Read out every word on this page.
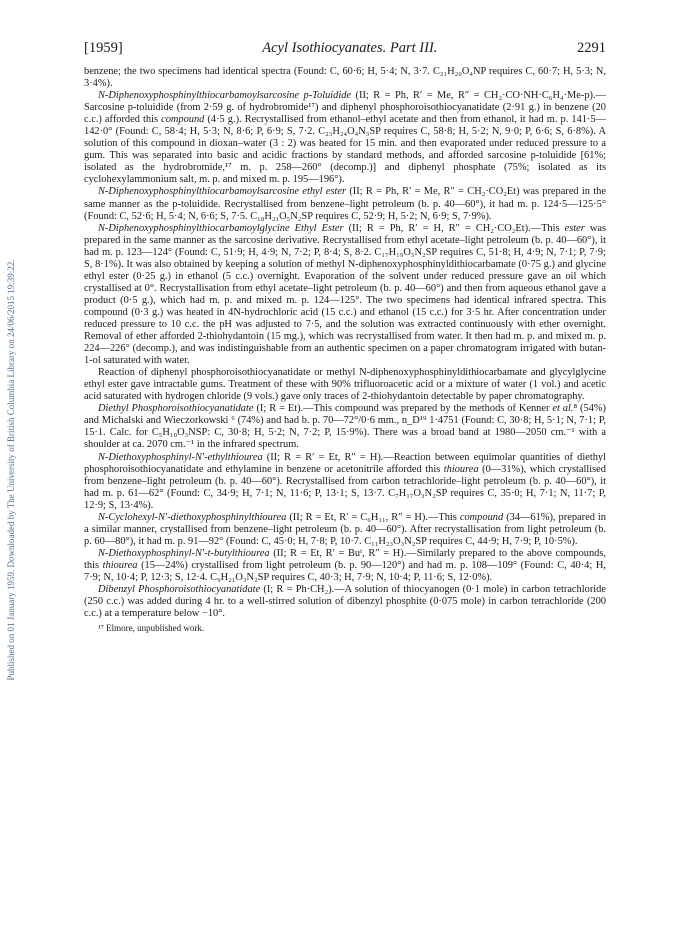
Published on 01 January 1959. Downloaded by The University of British Columbia Library on 24/06/2015 19:39:22.
[1959]	Acyl Isothiocyanates. Part III.	2291

benzene; the two specimens had identical spectra (Found: C, 60·6; H, 5·4; N, 3·7. C₂₁H₂₀O₄NP requires C, 60·7; H, 5·3; N, 3·4%).

N-Diphenoxyphosphinylthiocarbamoylsarcosine p-Toluidide (II; R = Ph, R′ = Me, R″ = CH₂·CO·NH·C₆H₄·Me-p).—Sarcosine p-toluidide (from 2·59 g. of hydrobromide¹⁷) and diphenyl phosphoroisothiocyanatidate (2·91 g.) in benzene (20 c.c.) afforded this compound (4·5 g.). Recrystallised from ethanol–ethyl acetate and then from ethanol, it had m. p. 141·5—142·0° (Found: C, 58·4; H, 5·3; N, 8·6; P, 6·9; S, 7·2. C₂₃H₂₄O₄N₃SP requires C, 58·8; H, 5·2; N, 9·0; P, 6·6; S, 6·8%). A solution of this compound in dioxan–water (3 : 2) was heated for 15 min. and then evaporated under reduced pressure to a gum. This was separated into basic and acidic fractions by standard methods, and afforded sarcosine p-toluidide [61%; isolated as the hydrobromide,¹⁷ m. p. 258—260° (decomp.)] and diphenyl phosphate (75%; isolated as its cyclohexylammonium salt, m. p. and mixed m. p. 195—196°).

N-Diphenoxyphosphinylthiocarbamoylsarcosine ethyl ester (II; R = Ph, R′ = Me, R″ = CH₂·CO₂Et) was prepared in the same manner as the p-toluidide. Recrystallised from benzene–light petroleum (b. p. 40—60°), it had m. p. 124·5—125·5° (Found: C, 52·6; H, 5·4; N, 6·6; S, 7·5. C₁₈H₂₁O₅N₂SP requires C, 52·9; H, 5·2; N, 6·9; S, 7·9%).

N-Diphenoxyphosphinylthiocarbamoylglycine Ethyl Ester (II; R = Ph, R′ = H, R″ = CH₂·CO₂Et).—This ester was prepared in the same manner as the sarcosine derivative. Recrystallised from ethyl acetate–light petroleum (b. p. 40—60°), it had m. p. 123—124° (Found: C, 51·9; H, 4·9; N, 7·2; P, 8·4; S, 8·2. C₁₇H₁₉O₅N₂SP requires C, 51·8; H, 4·9; N, 7·1; P, 7·9; S, 8·1%). It was also obtained by keeping a solution of methyl N-diphenoxyphosphinyldithiocarbamate (0·75 g.) and glycine ethyl ester (0·25 g.) in ethanol (5 c.c.) overnight. Evaporation of the solvent under reduced pressure gave an oil which crystallised at 0°. Recrystallisation from ethyl acetate–light petroleum (b. p. 40—60°) and then from aqueous ethanol gave a product (0·5 g.), which had m. p. and mixed m. p. 124—125°. The two specimens had identical infrared spectra. This compound (0·3 g.) was heated in 4N-hydrochloric acid (15 c.c.) and ethanol (15 c.c.) for 3·5 hr. After concentration under reduced pressure to 10 c.c. the pH was adjusted to 7·5, and the solution was extracted continuously with ether overnight. Removal of ether afforded 2-thiohydantoin (15 mg.), which was recrystallised from water. It then had m. p. and mixed m. p. 224—226° (decomp.), and was indistinguishable from an authentic specimen on a paper chromatogram irrigated with butan-1-ol saturated with water.

Reaction of diphenyl phosphoroisothiocyanatidate or methyl N-diphenoxyphosphinyldithiocarbamate and glycylglycine ethyl ester gave intractable gums. Treatment of these with 90% trifluoroacetic acid or a mixture of water (1 vol.) and acetic acid saturated with hydrogen chloride (9 vols.) gave only traces of 2-thiohydantoin detectable by paper chromatography.

Diethyl Phosphoroisothiocyanatidate (I; R = Et).—This compound was prepared by the methods of Kenner et al.⁸ (54%) and Michalski and Wieczorkowski ⁶ (74%) and had b. p. 70—72°/0·6 mm., n_D¹⁹ 1·4751 (Found: C, 30·8; H, 5·1; N, 7·1; P, 15·1. Calc. for C₅H₁₀O₃NSP: C, 30·8; H, 5·2; N, 7·2; P, 15·9%). There was a broad band at 1980—2050 cm.⁻¹ with a shoulder at ca. 2070 cm.⁻¹ in the infrared spectrum.

N-Diethoxyphosphinyl-N′-ethylthiourea (II; R = R′ = Et, R″ = H).—Reaction between equimolar quantities of diethyl phosphoroisothiocyanatidate and ethylamine in benzene or acetonitrile afforded this thiourea (0—31%), which crystallised from benzene–light petroleum (b. p. 40—60°). Recrystallised from carbon tetrachloride–light petroleum (b. p. 40—60°), it had m. p. 61—62° (Found: C, 34·9; H, 7·1; N, 11·6; P, 13·1; S, 13·7. C₇H₁₇O₃N₂SP requires C, 35·0; H, 7·1; N, 11·7; P, 12·9; S, 13·4%).

N-Cyclohexyl-N′-diethoxyphosphinylthiourea (II; R = Et, R′ = C₆H₁₁, R″ = H).—This compound (34—61%), prepared in a similar manner, crystallised from benzene–light petroleum (b. p. 40—60°). After recrystallisation from light petroleum (b. p. 60—80°), it had m. p. 91—92° (Found: C, 45·0; H, 7·8; P, 10·7. C₁₁H₂₃O₃N₂SP requires C, 44·9; H, 7·9; P, 10·5%).

N-Diethoxyphosphinyl-N′-t-butylthiourea (II; R = Et, R′ = Buᵗ, R″ = H).—Similarly prepared to the above compounds, this thiourea (15—24%) crystallised from light petroleum (b. p. 90—120°) and had m. p. 108—109° (Found: C, 40·4; H, 7·9; N, 10·4; P, 12·3; S, 12·4. C₉H₂₁O₃N₂SP requires C, 40·3; H, 7·9; N, 10·4; P, 11·6; S, 12·0%).

Dibenzyl Phosphoroisothiocyanatidate (I; R = Ph·CH₂).—A solution of thiocyanogen (0·1 mole) in carbon tetrachloride (250 c.c.) was added during 4 hr. to a well-stirred solution of dibenzyl phosphite (0·075 mole) in carbon tetrachloride (200 c.c.) at a temperature below −10°.

¹⁷ Elmore, unpublished work.
